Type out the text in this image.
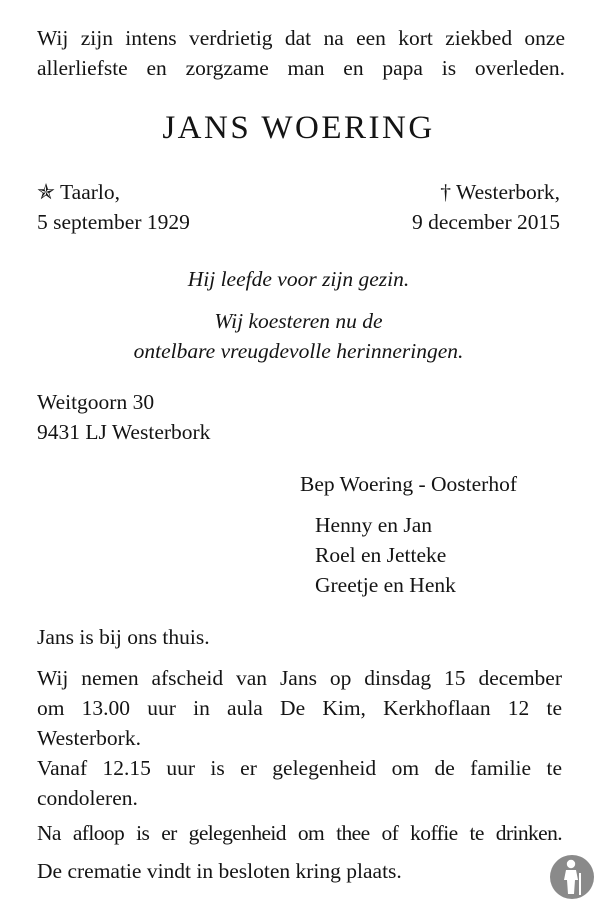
Wij zijn intens verdrietig dat na een kort ziekbed onze
allerliefste en zorgzame man en papa is overleden.
JANS WOERING
✯ Taarlo,
5 september 1929
† Westerbork,
9 december 2015
Hij leefde voor zijn gezin.
Wij koesteren nu de
ontelbare vreugdevolle herinneringen.
Weitgoorn 30
9431 LJ Westerbork
Bep Woering - Oosterhof
Henny en Jan
Roel en Jetteke
Greetje en Henk
Jans is bij ons thuis.
Wij nemen afscheid van Jans op dinsdag 15 december
om 13.00 uur in aula De Kim, Kerkhoflaan 12 te
Westerbork.
Vanaf 12.15 uur is er gelegenheid om de familie te
condoleren.
Na afloop is er gelegenheid om thee of koffie te drinken.
De crematie vindt in besloten kring plaats.
